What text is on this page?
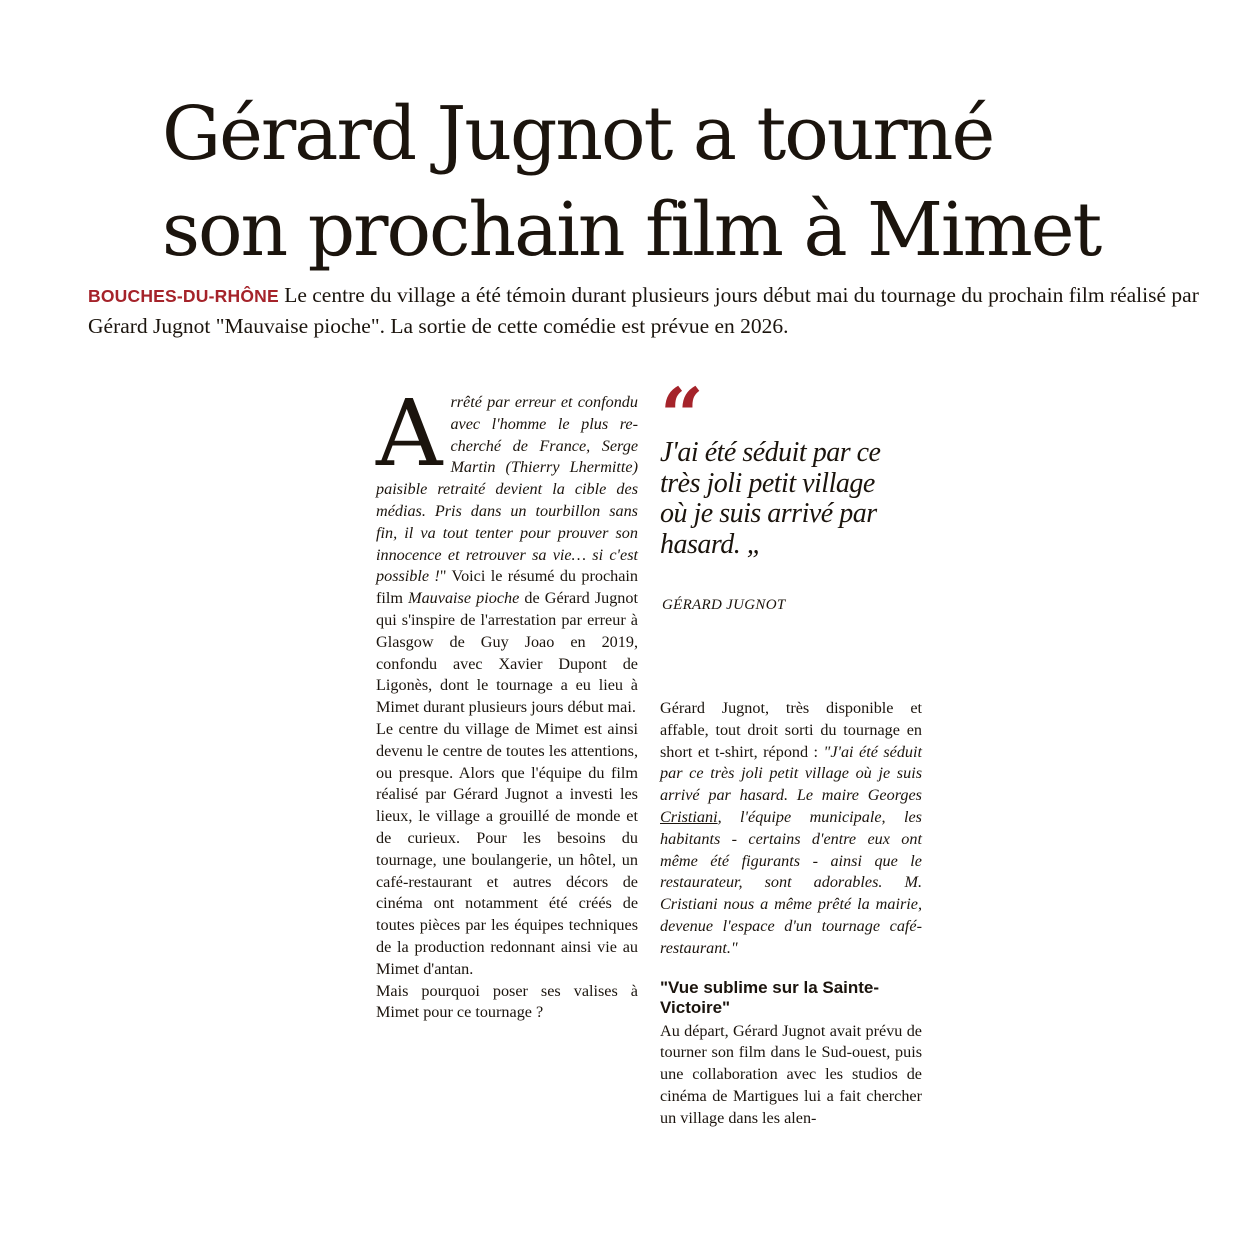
Gérard Jugnot a tourné
son prochain film à Mimet
BOUCHES-DU-RHÔNE Le centre du village a été témoin durant plusieurs jours début mai du tournage du prochain film réalisé par Gérard Jugnot "Mauvaise pioche". La sortie de cette comédie est prévue en 2026.

Arrêté par erreur et confondu avec l'homme le plus recherché de France, Serge Martin (Thierry Lhermitte) paisible retraité devient la cible des médias. Pris dans un tourbillon sans fin, il va tout tenter pour prouver son innocence et retrouver sa vie… si c'est possible !" Voici le résumé du prochain film Mauvaise pioche de Gérard Jugnot qui s'inspire de l'arrestation par erreur à Glasgow de Guy Joao en 2019, confondu avec Xavier Dupont de Ligonès, dont le tournage a eu lieu à Mimet durant plusieurs jours début mai.

Le centre du village de Mimet est ainsi devenu le centre de toutes les attentions, ou presque. Alors que l'équipe du film réalisé par Gérard Jugnot a investi les lieux, le village a grouillé de monde et de curieux. Pour les besoins du tournage, une boulangerie, un hôtel, un café-restaurant et autres décors de cinéma ont notamment été créés de toutes pièces par les équipes techniques de la production redonnant ainsi vie au Mimet d'antan.

Mais pourquoi poser ses valises à Mimet pour ce tournage ?

“
J'ai été séduit par ce très joli petit village où je suis arrivé par hasard. „
GÉRARD JUGNOT

Gérard Jugnot, très disponible et affable, tout droit sorti du tournage en short et t-shirt, répond : "J'ai été séduit par ce très joli petit village où je suis arrivé par hasard. Le maire Georges Cristiani, l'équipe municipale, les habitants - certains d'entre eux ont même été figurants - ainsi que le restaurateur, sont adorables. M. Cristiani nous a même prêté la mairie, devenue l'espace d'un tournage café-restaurant."

"Vue sublime sur la Sainte-Victoire"

Au départ, Gérard Jugnot avait prévu de tourner son film dans le Sud-ouest, puis une collaboration avec les studios de cinéma de Martigues lui a fait chercher un village dans les alen-
